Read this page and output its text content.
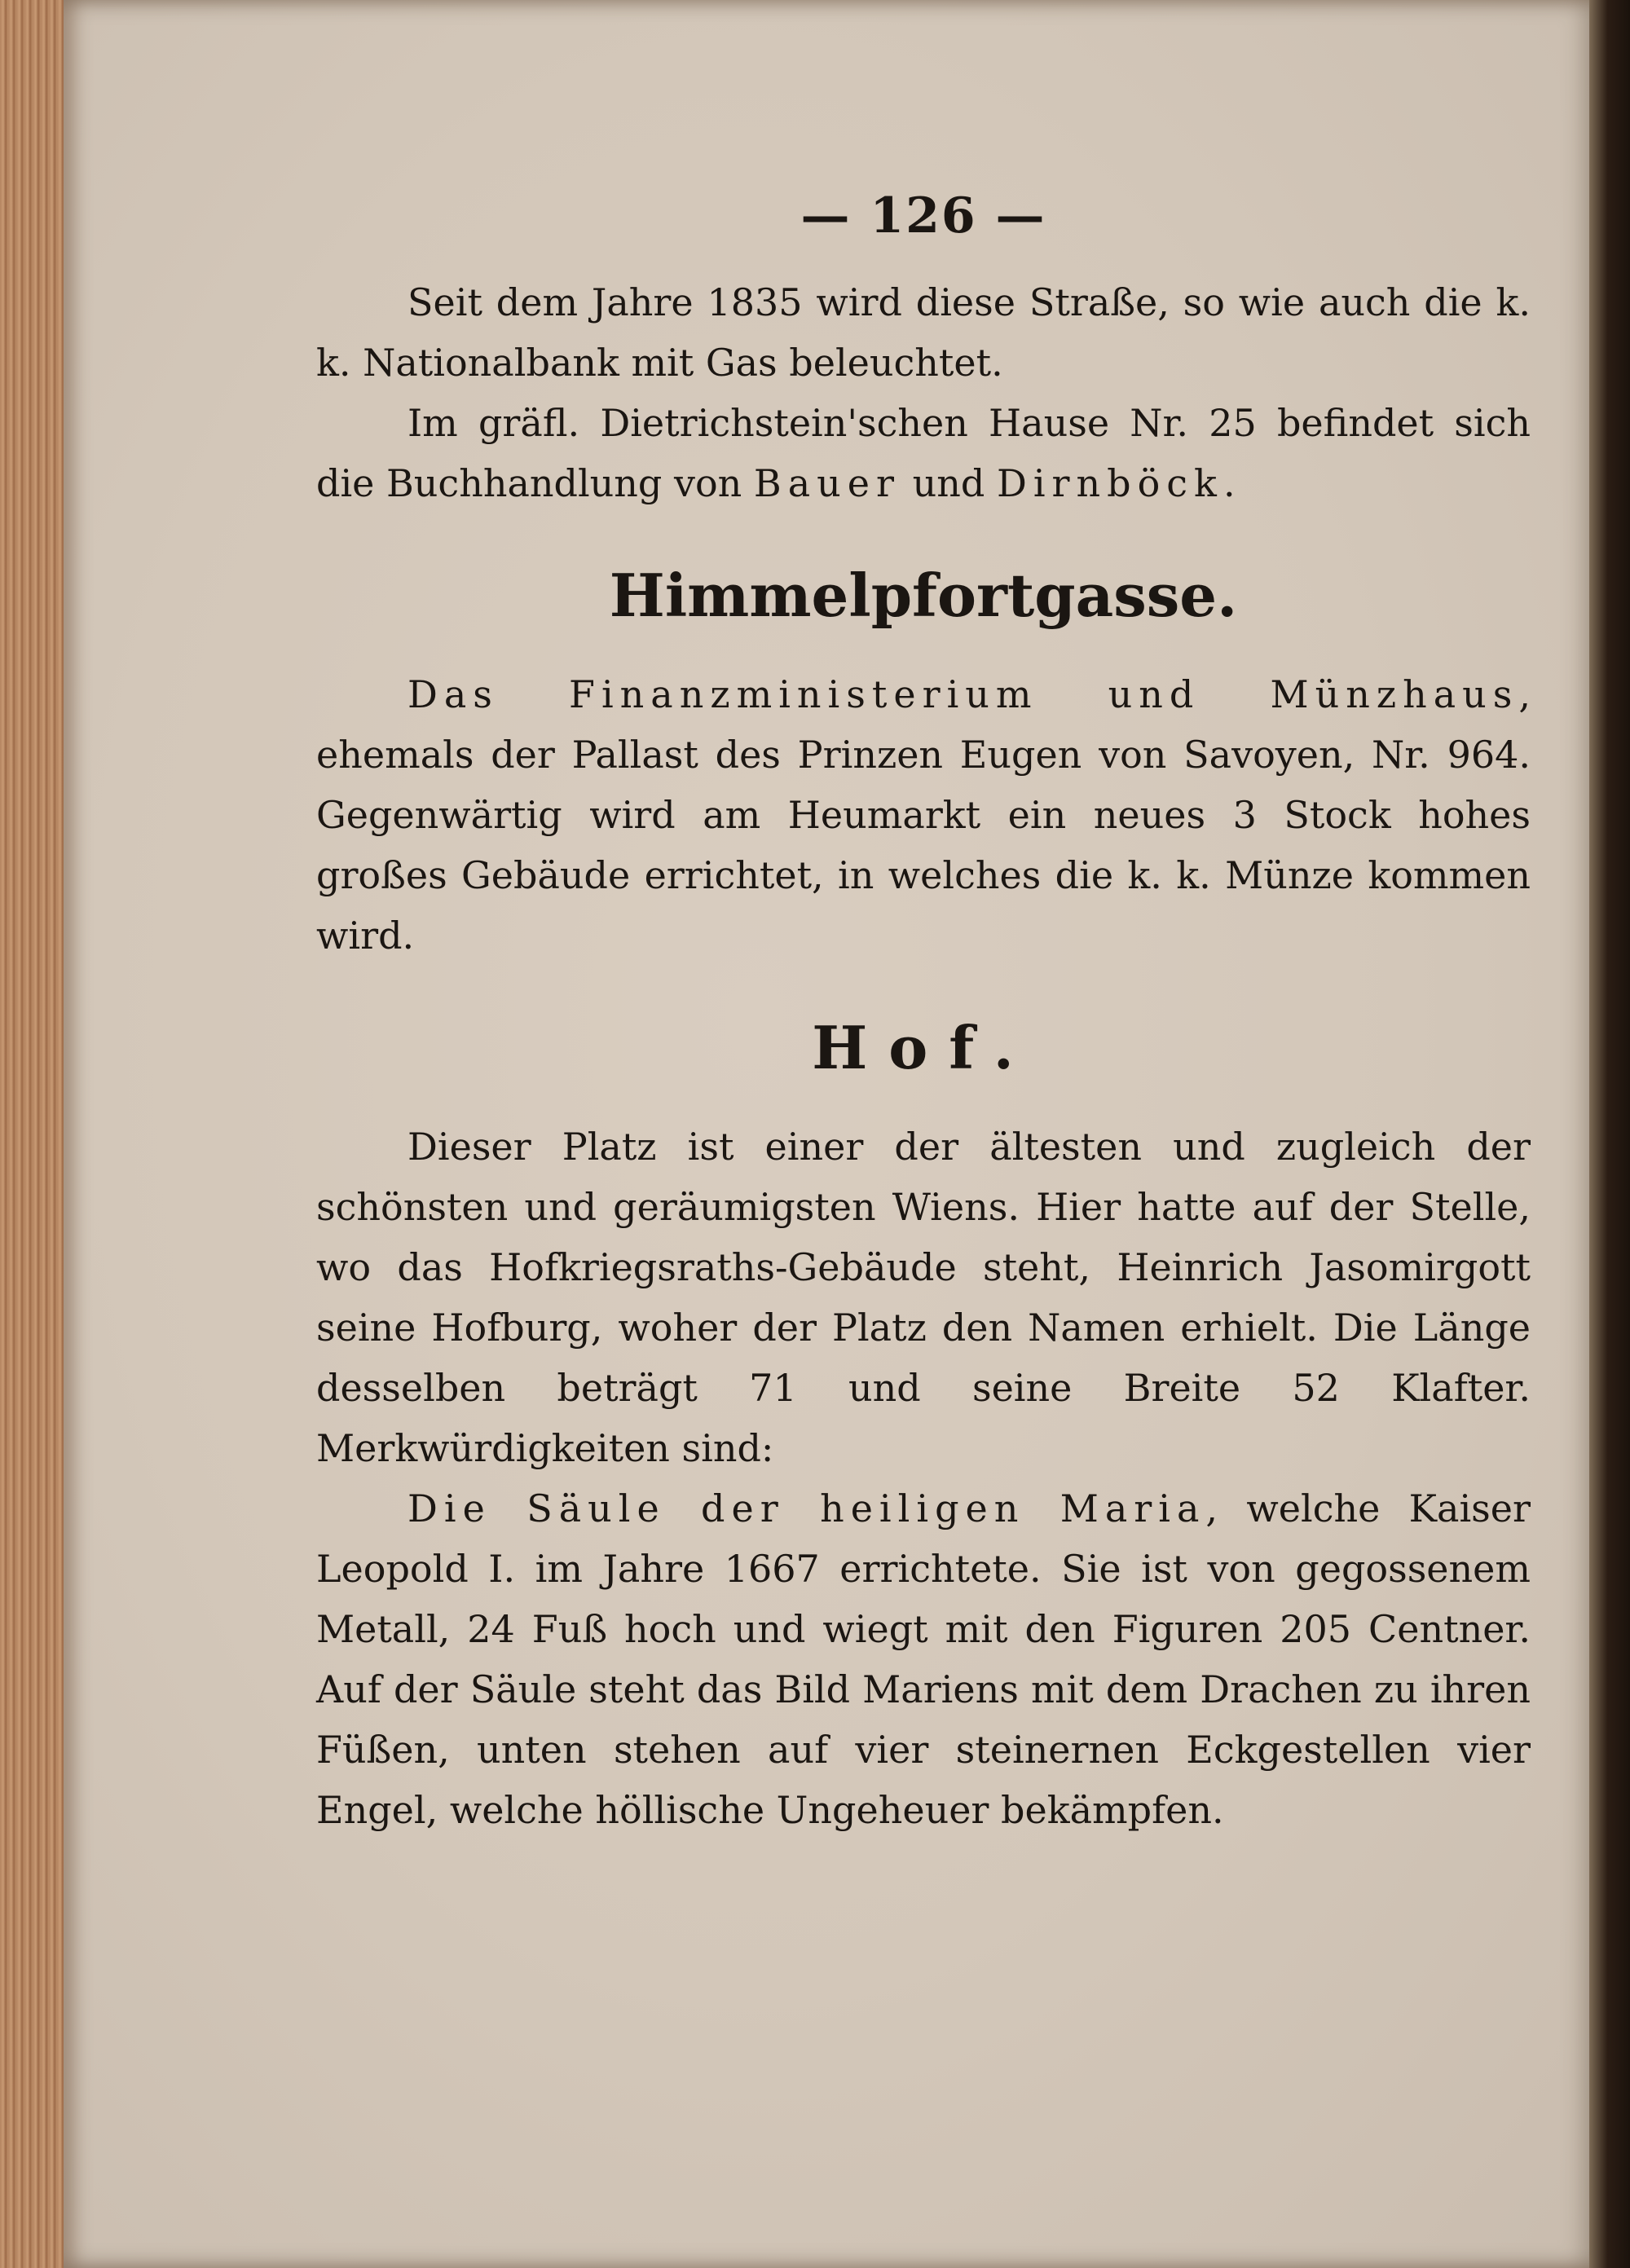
— 126 —

Seit dem Jahre 1835 wird diese Straße, so wie auch die k. k. Nationalbank mit Gas beleuchtet.

Im gräfl. Dietrichstein'schen Hause Nr. 25 befindet sich die Buchhandlung von Bauer und Dirnböck.

Himmelpfortgasse.

Das Finanzministerium und Münzhaus, ehemals der Pallast des Prinzen Eugen von Savoyen, Nr. 964. Gegenwärtig wird am Heumarkt ein neues 3 Stock hohes großes Gebäude errichtet, in welches die k. k. Münze kommen wird.

Hof.

Dieser Platz ist einer der ältesten und zugleich der schönsten und geräumigsten Wiens. Hier hatte auf der Stelle, wo das Hofkriegsraths-Gebäude steht, Heinrich Jasomirgott seine Hofburg, woher der Platz den Namen erhielt. Die Länge desselben beträgt 71 und seine Breite 52 Klafter. Merkwürdigkeiten sind:

Die Säule der heiligen Maria, welche Kaiser Leopold I. im Jahre 1667 errichtete. Sie ist von gegossenem Metall, 24 Fuß hoch und wiegt mit den Figuren 205 Centner. Auf der Säule steht das Bild Mariens mit dem Drachen zu ihren Füßen, unten stehen auf vier steinernen Eckgestellen vier Engel, welche höllische Ungeheuer bekämpfen.
